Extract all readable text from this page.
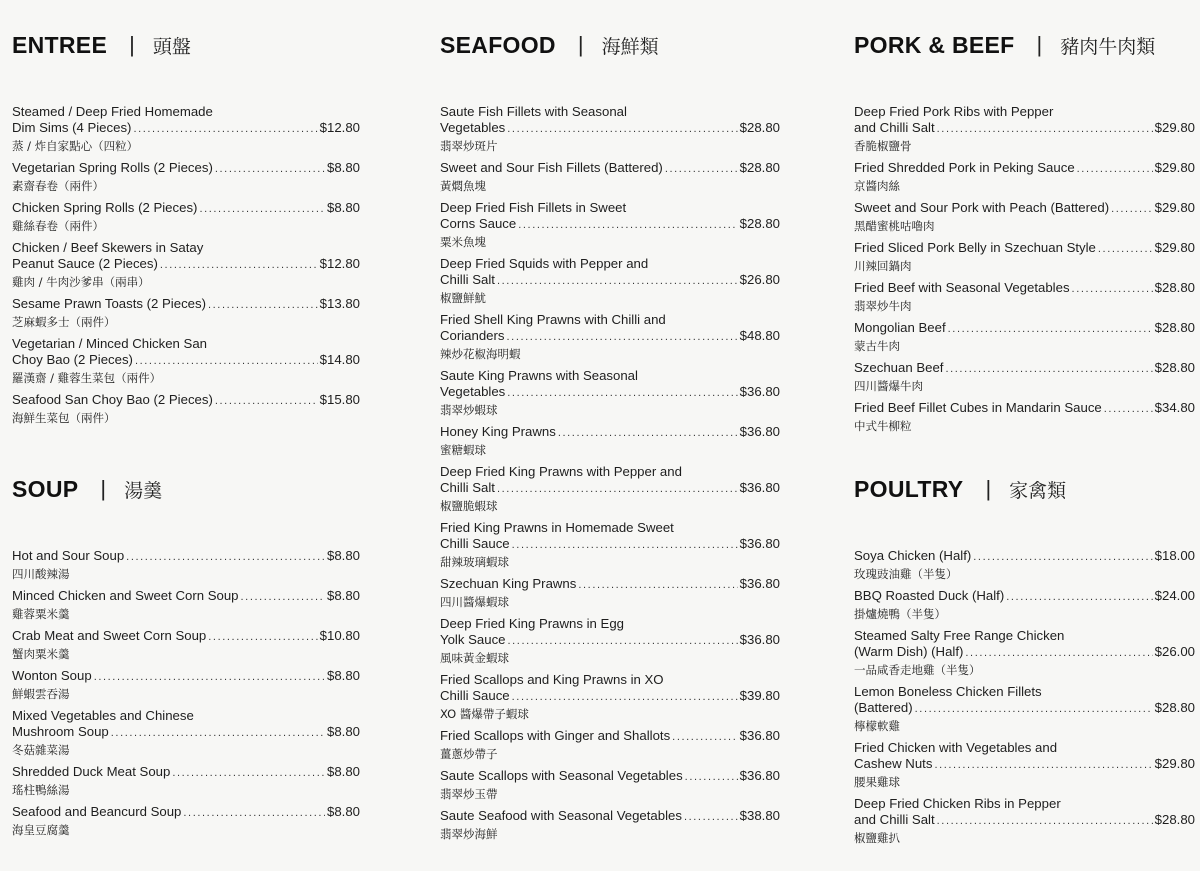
ENTREE | 頭盤
Steamed / Deep Fried Homemade
Dim Sims (4 Pieces) .....	$12.80
蒸 / 炸自家點心（四粒）
Vegetarian Spring Rolls (2 Pieces) .....	$8.80
素齋春卷（兩件）
Chicken Spring Rolls (2 Pieces) .....	$8.80
雞絲春卷（兩件）
Chicken / Beef Skewers in Satay
Peanut Sauce (2 Pieces) .....	$12.80
雞肉 / 牛肉沙爹串（兩串）
Sesame Prawn Toasts (2 Pieces) .....	$13.80
芝麻蝦多士（兩件）
Vegetarian / Minced Chicken San
Choy Bao (2 Pieces) .....	$14.80
羅漢齋 / 雞蓉生菜包（兩件）
Seafood San Choy Bao (2 Pieces) .....	$15.80
海鮮生菜包（兩件）
SOUP | 湯羹
Hot and Sour Soup .....	$8.80
四川酸辣湯
Minced Chicken and Sweet Corn Soup .....	$8.80
雞蓉粟米羹
Crab Meat and Sweet Corn Soup .....	$10.80
蟹肉粟米羹
Wonton Soup .....	$8.80
鮮蝦雲吞湯
Mixed Vegetables and Chinese
Mushroom Soup .....	$8.80
冬菇雜菜湯
Shredded Duck Meat Soup .....	$8.80
瑤柱鴨絲湯
Seafood and Beancurd Soup .....	$8.80
海皇豆腐羹
SEAFOOD | 海鮮類
Saute Fish Fillets with Seasonal
Vegetables .....	$28.80
翡翠炒斑片
Sweet and Sour Fish Fillets (Battered) .....	$28.80
黃燜魚塊
Deep Fried Fish Fillets in Sweet
Corns Sauce .....	$28.80
粟米魚塊
Deep Fried Squids with Pepper and
Chilli Salt .....	$26.80
椒鹽鮮魷
Fried Shell King Prawns with Chilli and
Corianders .....	$48.80
辣炒花椒海明蝦
Saute King Prawns with Seasonal
Vegetables .....	$36.80
翡翠炒蝦球
Honey King Prawns .....	$36.80
蜜糖蝦球
Deep Fried King Prawns with Pepper and
Chilli Salt .....	$36.80
椒鹽脆蝦球
Fried King Prawns in Homemade Sweet
Chilli Sauce .....	$36.80
甜辣玻璃蝦球
Szechuan King Prawns .....	$36.80
四川醬爆蝦球
Deep Fried King Prawns in Egg
Yolk Sauce .....	$36.80
風味黃金蝦球
Fried Scallops and King Prawns in XO
Chilli Sauce .....	$39.80
XO 醬爆帶子蝦球
Fried Scallops with Ginger and Shallots .....	$36.80
薑蔥炒帶子
Saute Scallops with Seasonal Vegetables .....	$36.80
翡翠炒玉帶
Saute Seafood with Seasonal Vegetables .....	$38.80
翡翠炒海鮮
PORK & BEEF | 豬肉牛肉類
Deep Fried Pork Ribs with Pepper
and Chilli Salt .....	$29.80
香脆椒鹽骨
Fried Shredded Pork in Peking Sauce .....	$29.80
京醬肉絲
Sweet and Sour Pork with Peach (Battered) .....	$29.80
黑醋蜜桃咕嚕肉
Fried Sliced Pork Belly in Szechuan Style .....	$29.80
川辣回鍋肉
Fried Beef with Seasonal Vegetables .....	$28.80
翡翠炒牛肉
Mongolian Beef .....	$28.80
蒙古牛肉
Szechuan Beef .....	$28.80
四川醬爆牛肉
Fried Beef Fillet Cubes in Mandarin Sauce .....	$34.80
中式牛柳粒
POULTRY | 家禽類
Soya Chicken (Half) .....	$18.00
玫瑰豉油雞（半隻）
BBQ Roasted Duck (Half) .....	$24.00
掛爐燒鴨（半隻）
Steamed Salty Free Range Chicken
(Warm Dish) (Half) .....	$26.00
一品咸香走地雞（半隻）
Lemon Boneless Chicken Fillets
(Battered) .....	$28.80
檸檬軟雞
Fried Chicken with Vegetables and
Cashew Nuts .....	$29.80
腰果雞球
Deep Fried Chicken Ribs in Pepper
and Chilli Salt .....	$28.80
椒鹽雞扒
